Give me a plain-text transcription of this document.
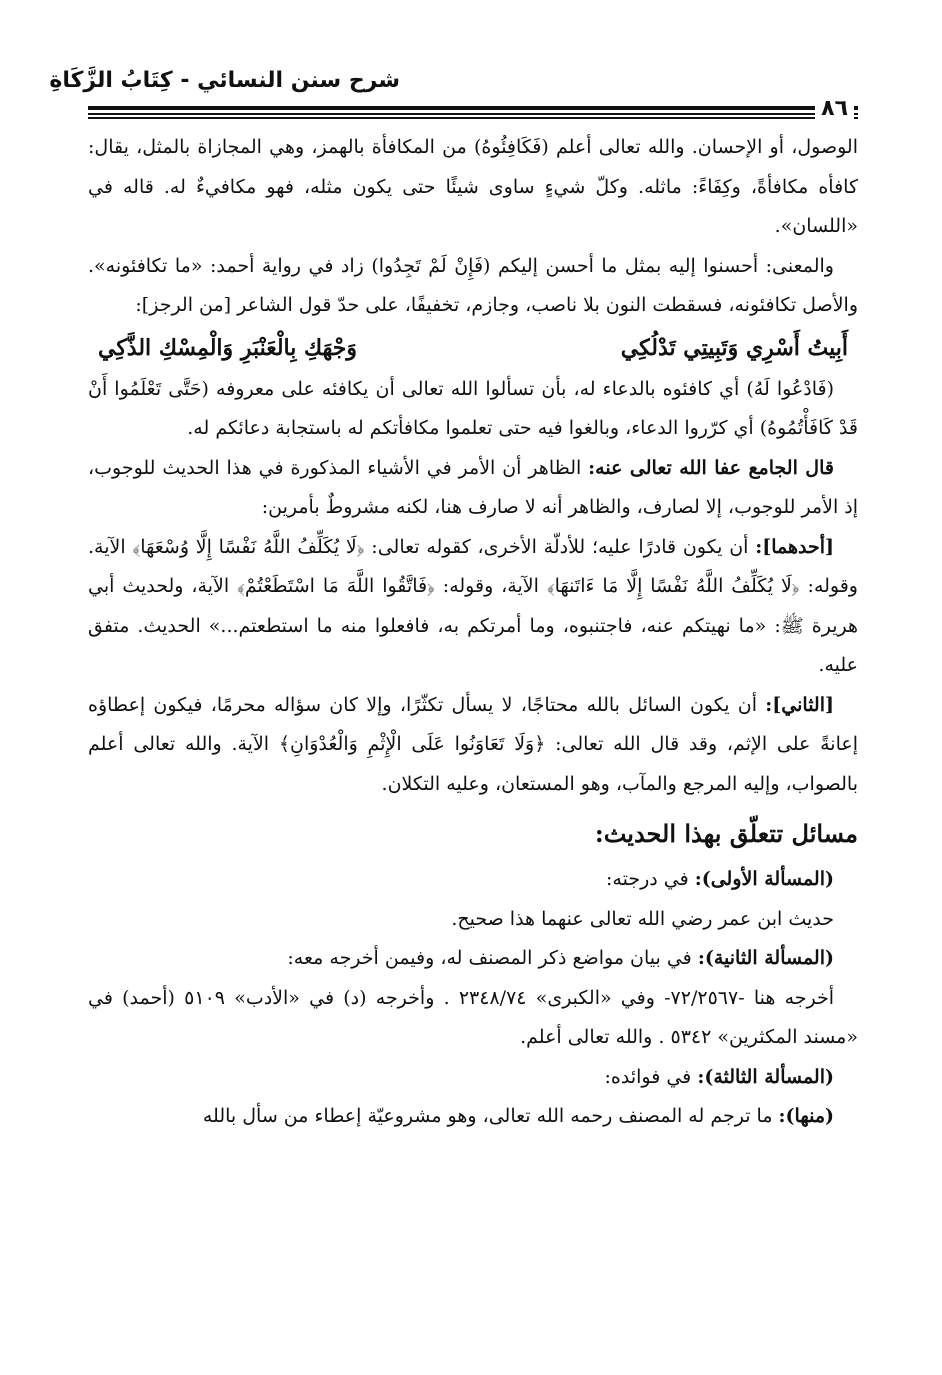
شرح سنن النسائي - كِتَابُ الزَّكَاةِ
٨٦

الوصول، أو الإحسان. والله تعالى أعلم (فَكَافِئُوهُ) من المكافأة بالهمز، وهي المجازاة بالمثل، يقال: كافأه مكافأةً، وكِفَاءً: ماثله. وكلّ شيءٍ ساوى شيئًا حتى يكون مثله، فهو مكافيءٌ له. قاله في «اللسان».

والمعنى: أحسنوا إليه بمثل ما أحسن إليكم (فَإِنْ لَمْ تَجِدُوا) زاد في رواية أحمد: «ما تكافئونه». والأصل تكافئونه، فسقطت النون بلا ناصب، وجازم، تخفيفًا، على حدّ قول الشاعر [من الرجز]:

أَبِيتُ أَسْرِي وَتَبِيتِي تَدْلُكِي
وَجْهَكِ بِالْعَنْبَرِ وَالْمِسْكِ الذَّكِي

(فَادْعُوا لَهُ) أي كافئوه بالدعاء له، بأن تسألوا الله تعالى أن يكافئه على معروفه (حَتَّى تَعْلَمُوا أَنْ قَدْ كَافَأْتُمُوهُ) أي كرّروا الدعاء، وبالغوا فيه حتى تعلموا مكافأتكم له باستجابة دعائكم له.

قال الجامع عفا الله تعالى عنه: الظاهر أن الأمر في الأشياء المذكورة في هذا الحديث للوجوب، إذ الأمر للوجوب، إلا لصارف، والظاهر أنه لا صارف هنا، لكنه مشروطٌ بأمرين:

[أحدهما]: أن يكون قادرًا عليه؛ للأدلّة الأخرى، كقوله تعالى: ﴿لَا يُكَلِّفُ اللَّهُ نَفْسًا إِلَّا وُسْعَهَا﴾ الآية. وقوله: ﴿لَا يُكَلِّفُ اللَّهُ نَفْسًا إِلَّا مَا ءَاتَنهَا﴾ الآية، وقوله: ﴿فَاتَّقُوا اللَّهَ مَا اسْتَطَعْتُمْ﴾ الآية، ولحديث أبي هريرة ﷺ: «ما نهيتكم عنه، فاجتنبوه، وما أمرتكم به، فافعلوا منه ما استطعتم...» الحديث. متفق عليه.

[الثاني]: أن يكون السائل بالله محتاجًا، لا يسأل تكثّرًا، وإلا كان سؤاله محرمًا، فيكون إعطاؤه إعانةً على الإثم، وقد قال الله تعالى: ﴿وَلَا تَعَاوَنُوا عَلَى الْإِثْمِ وَالْعُدْوَانِ﴾ الآية. والله تعالى أعلم بالصواب، وإليه المرجع والمآب، وهو المستعان، وعليه التكلان.

مسائل تتعلّق بهذا الحديث:

(المسألة الأولى): في درجته:

حديث ابن عمر رضي الله تعالى عنهما هذا صحيح.

(المسألة الثانية): في بيان مواضع ذكر المصنف له، وفيمن أخرجه معه:

أخرجه هنا -٧٢/٢٥٦٧- وفي «الكبرى» ٢٣٤٨/٧٤ . وأخرجه (د) في «الأدب» ٥١٠٩ (أحمد) في «مسند المكثرين» ٥٣٤٢ . والله تعالى أعلم.

(المسألة الثالثة): في فوائده:

(منها): ما ترجم له المصنف رحمه الله تعالى، وهو مشروعيّة إعطاء من سأل بالله
